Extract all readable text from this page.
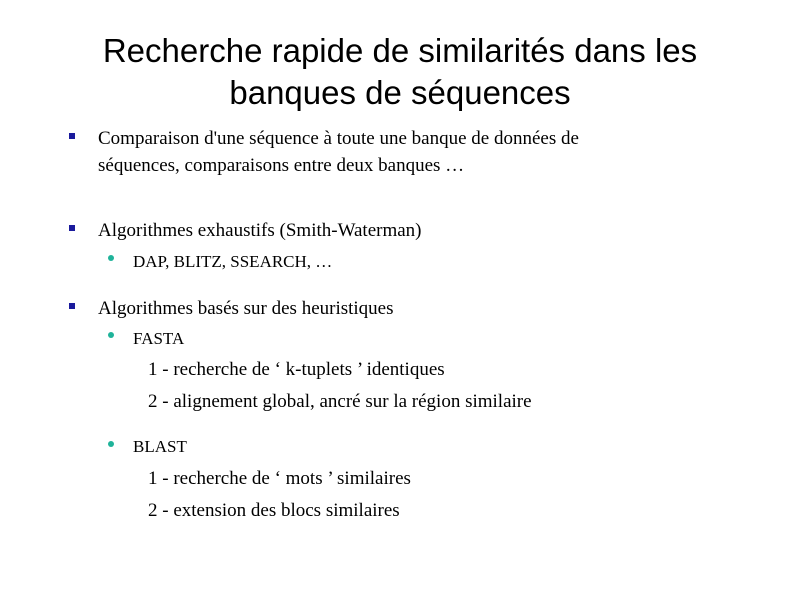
Recherche rapide de similarités dans les
banques de séquences
Comparaison d'une séquence à toute une banque de données de
séquences, comparaisons entre deux banques …
Algorithmes exhaustifs (Smith-Waterman)
DAP, BLITZ, SSEARCH, …
Algorithmes basés sur des heuristiques
FASTA
1 - recherche de ‘ k-tuplets ’ identiques
2 - alignement global, ancré sur la région similaire
BLAST
1 - recherche de ‘ mots ’ similaires
2 - extension des blocs similaires
